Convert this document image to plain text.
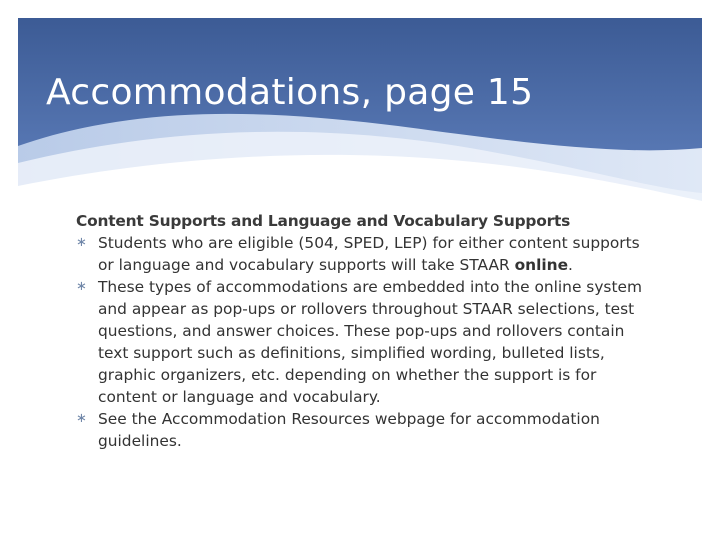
Accommodations, page 15

Content Supports and Language and Vocabulary Supports

∗ Students who are eligible (504, SPED, LEP) for either content supports or language and vocabulary supports will take STAAR online.
∗ These types of accommodations are embedded into the online system and appear as pop-ups or rollovers throughout STAAR selections, test questions, and answer choices. These pop-ups and rollovers contain text support such as definitions, simplified wording, bulleted lists, graphic organizers, etc. depending on whether the support is for content or language and vocabulary.
∗ See the Accommodation Resources webpage for accommodation guidelines.
